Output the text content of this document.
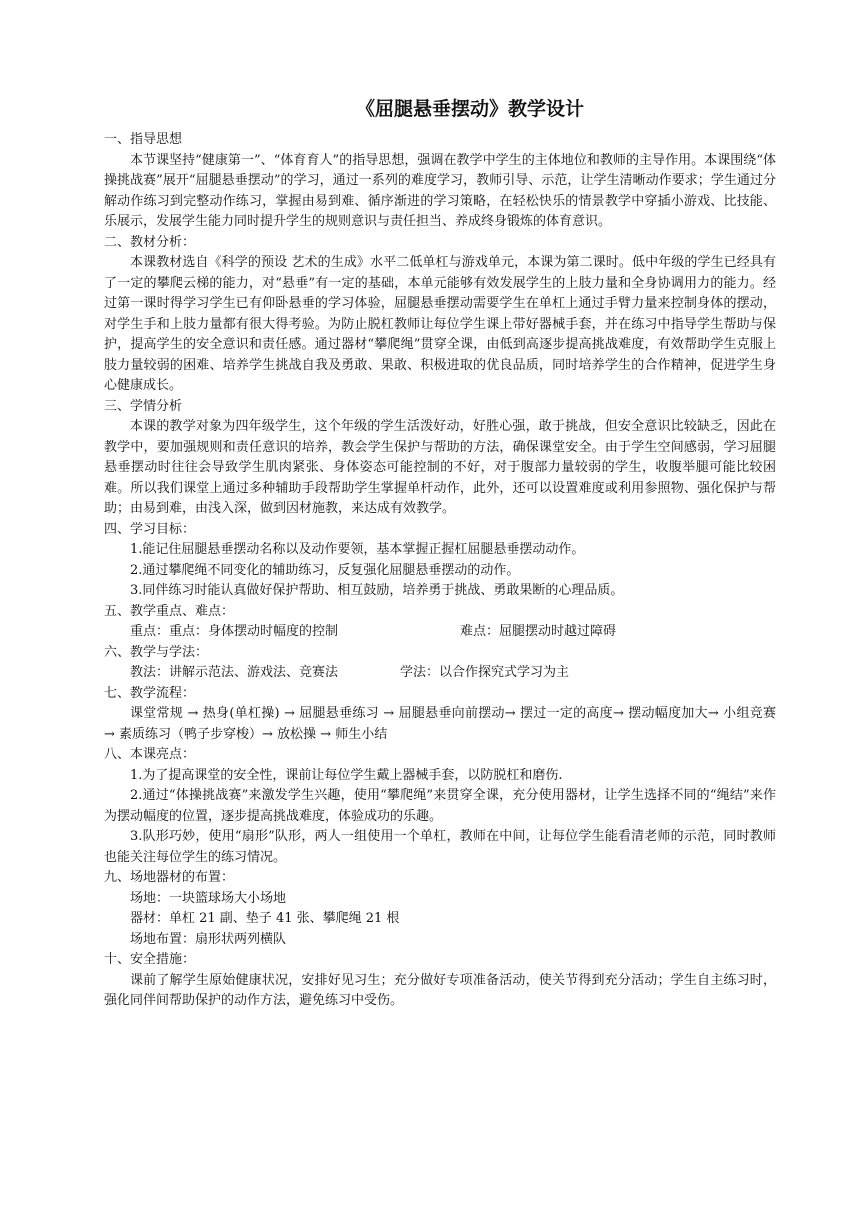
《屈腿悬垂摆动》教学设计

一、指导思想

本节课坚持“健康第一”、“体育育人”的指导思想，强调在教学中学生的主体地位和教师的主导作用。本课围绕“体操挑战赛”展开“屈腿悬垂摆动”的学习，通过一系列的难度学习，教师引导、示范，让学生清晰动作要求；学生通过分解动作练习到完整动作练习，掌握由易到难、循序渐进的学习策略，在轻松快乐的情景教学中穿插小游戏、比技能、乐展示，发展学生能力同时提升学生的规则意识与责任担当、养成终身锻炼的体育意识。

二、教材分析：

本课教材选自《科学的预设 艺术的生成》水平二低单杠与游戏单元，本课为第二课时。低中年级的学生已经具有了一定的攀爬云梯的能力，对“悬垂”有一定的基础，本单元能够有效发展学生的上肢力量和全身协调用力的能力。经过第一课时得学习学生已有仰卧悬垂的学习体验，屈腿悬垂摆动需要学生在单杠上通过手臂力量来控制身体的摆动，对学生手和上肢力量都有很大得考验。为防止脱杠教师让每位学生课上带好器械手套，并在练习中指导学生帮助与保护，提高学生的安全意识和责任感。通过器材“攀爬绳”贯穿全课，由低到高逐步提高挑战难度，有效帮助学生克服上肢力量较弱的困难、培养学生挑战自我及勇敢、果敢、积极进取的优良品质，同时培养学生的合作精神，促进学生身心健康成长。

三、学情分析

本课的教学对象为四年级学生，这个年级的学生活泼好动，好胜心强，敢于挑战，但安全意识比较缺乏，因此在教学中，要加强规则和责任意识的培养，教会学生保护与帮助的方法，确保课堂安全。由于学生空间感弱，学习屈腿悬垂摆动时往往会导致学生肌肉紧张、身体姿态可能控制的不好，对于腹部力量较弱的学生，收腹举腿可能比较困难。所以我们课堂上通过多种辅助手段帮助学生掌握单杆动作，此外，还可以设置难度或利用参照物、强化保护与帮助；由易到难，由浅入深，做到因材施教，来达成有效教学。

四、学习目标：

1.能记住屈腿悬垂摆动名称以及动作要领，基本掌握正握杠屈腿悬垂摆动动作。

2.通过攀爬绳不同变化的辅助练习，反复强化屈腿悬垂摆动的动作。

3.同伴练习时能认真做好保护帮助、相互鼓励，培养勇于挑战、勇敢果断的心理品质。

五、教学重点、难点：

重点：重点：身体摆动时幅度的控制	难点：屈腿摆动时越过障碍

六、教学与学法：

教法：讲解示范法、游戏法、竞赛法	学法：以合作探究式学习为主

七、教学流程：

课堂常规 → 热身(单杠操) → 屈腿悬垂练习 → 屈腿悬垂向前摆动→ 摆过一定的高度→ 摆动幅度加大→ 小组竞赛 → 素质练习（鸭子步穿梭）→ 放松操 → 师生小结

八、本课亮点：

1.为了提高课堂的安全性，课前让每位学生戴上器械手套，以防脱杠和磨伤.

2.通过“体操挑战赛”来激发学生兴趣，使用“攀爬绳”来贯穿全课，充分使用器材，让学生选择不同的“绳结”来作为摆动幅度的位置，逐步提高挑战难度，体验成功的乐趣。

3.队形巧妙，使用“扇形”队形，两人一组使用一个单杠，教师在中间，让每位学生能看清老师的示范，同时教师也能关注每位学生的练习情况。

九、场地器材的布置：

场地：一块篮球场大小场地

器材：单杠 21 副、垫子 41 张、攀爬绳 21 根

场地布置：扇形状两列横队

十、安全措施：

课前了解学生原始健康状况，安排好见习生；充分做好专项准备活动，使关节得到充分活动；学生自主练习时，强化同伴间帮助保护的动作方法，避免练习中受伤。
